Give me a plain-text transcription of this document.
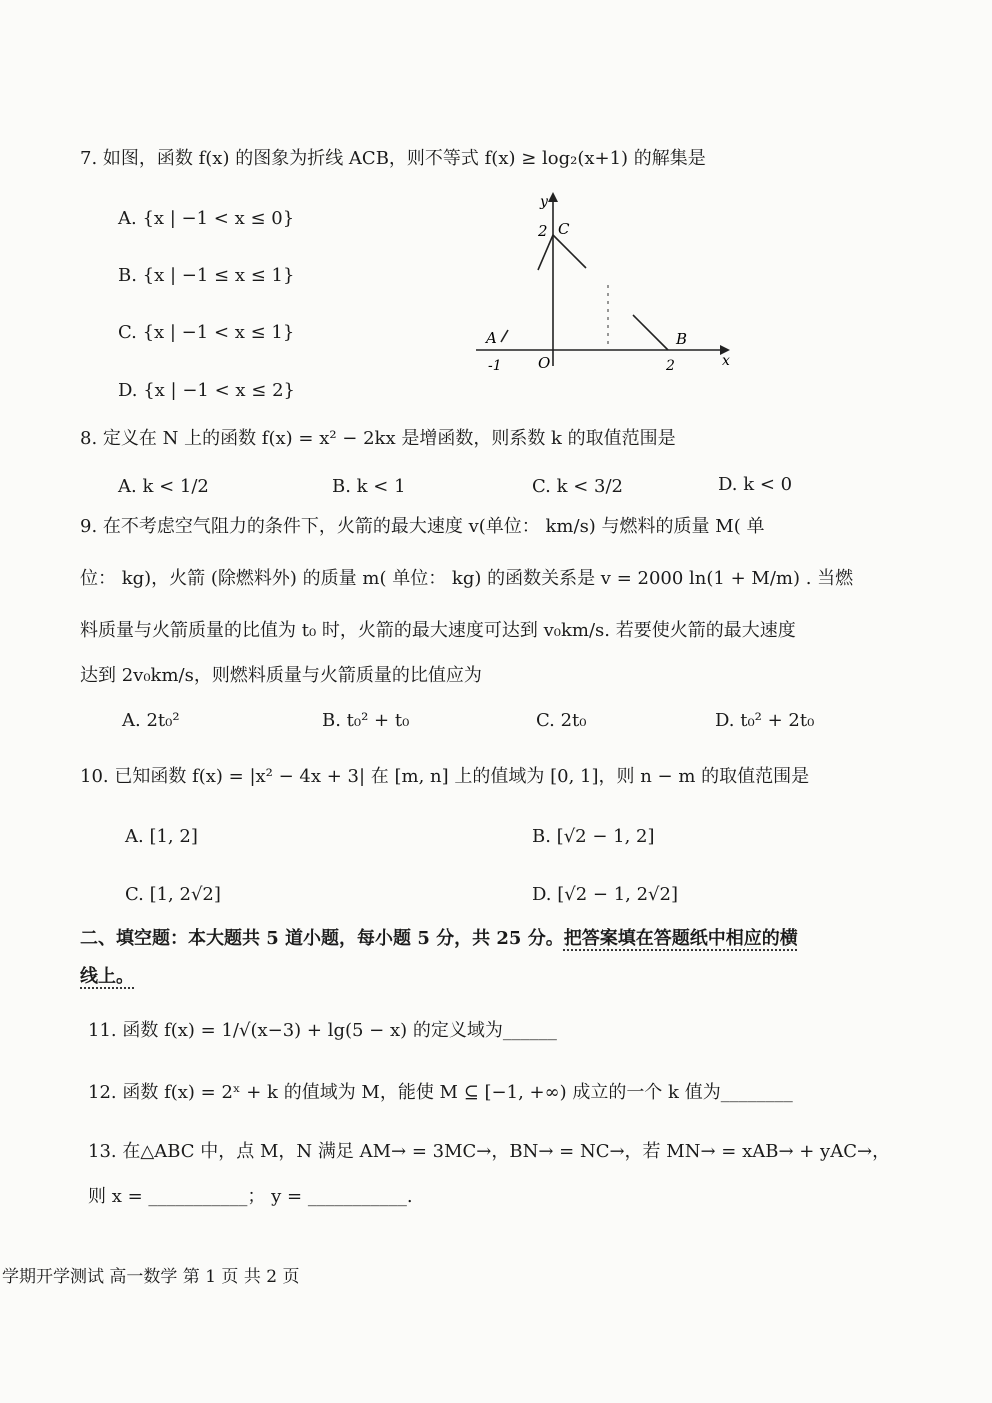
7. 如图，函数 f(x) 的图象为折线 ACB，则不等式 f(x) ≥ log₂(x+1) 的解集是
A. {x | −1 < x ≤ 0}
B. {x | −1 ≤ x ≤ 1}
C. {x | −1 < x ≤ 1}
D. {x | −1 < x ≤ 2}
y
x
O
A	B
C
2
-1	2
8. 定义在 N 上的函数 f(x) = x² − 2kx 是增函数，则系数 k 的取值范围是
A. k < 1/2	B. k < 1	C. k < 3/2	D. k < 0
9. 在不考虑空气阻力的条件下，火箭的最大速度 v(单位： km/s) 与燃料的质量 M( 单
位： kg)，火箭 (除燃料外) 的质量 m( 单位： kg) 的函数关系是 v = 2000 ln(1 + M/m) . 当燃
料质量与火箭质量的比值为 t₀ 时，火箭的最大速度可达到 v₀km/s. 若要使火箭的最大速度
达到 2v₀km/s，则燃料质量与火箭质量的比值应为
A. 2t₀²	B. t₀² + t₀	C. 2t₀	D. t₀² + 2t₀
10. 已知函数 f(x) = |x² − 4x + 3| 在 [m, n] 上的值域为 [0, 1]，则 n − m 的取值范围是
A. [1, 2]	B. [√2 − 1, 2]
C. [1, 2√2]	D. [√2 − 1, 2√2]
二、填空题：本大题共 5 道小题，每小题 5 分，共 25 分。把答案填在答题纸中相应的横
线上。
11. 函数 f(x) = 1/√(x−3) + lg(5 − x) 的定义域为______
12. 函数 f(x) = 2ˣ + k 的值域为 M，能使 M ⊆ [−1, +∞) 成立的一个 k 值为________
13. 在△ABC 中，点 M，N 满足 AM→ = 3MC→，BN→ = NC→，若 MN→ = xAB→ + yAC→，
则 x = ___________； y = ___________.
学期开学测试 高一数学 第 1 页 共 2 页
